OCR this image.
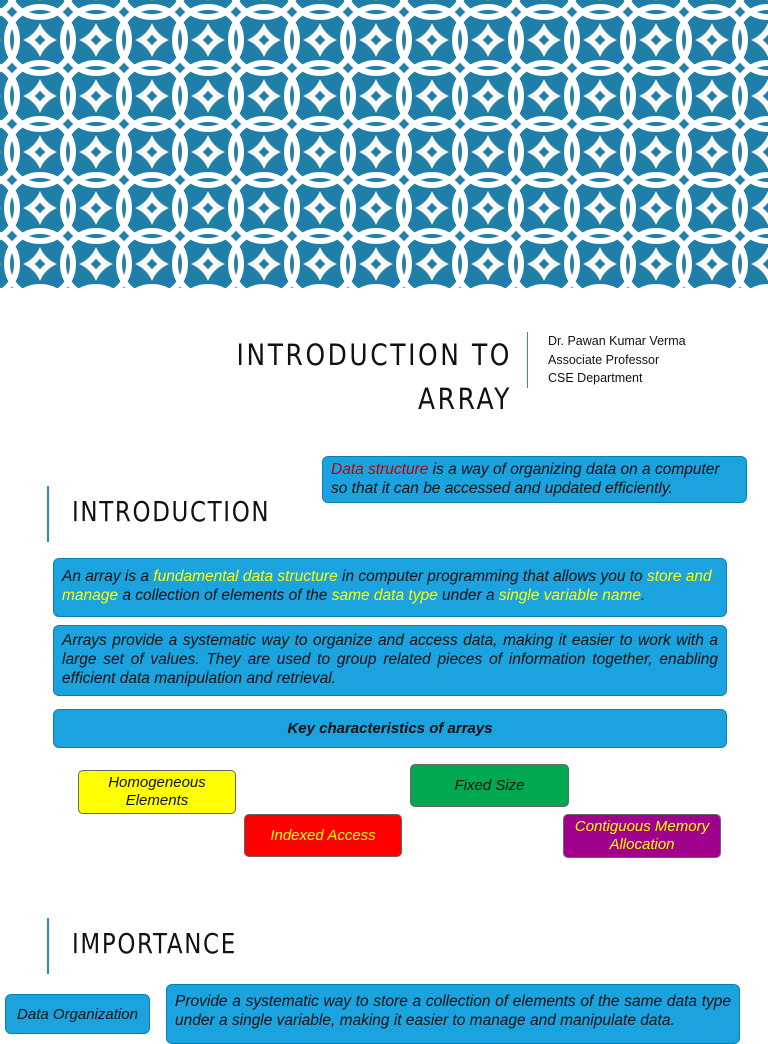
INTRODUCTION TO ARRAY
Dr. Pawan Kumar Verma
Associate Professor
CSE Department
INTRODUCTION
Data structure is a way of organizing data on a computer so that it can be accessed and updated efficiently.
An array is a fundamental data structure in computer programming that allows you to store and manage a collection of elements of the same data type under a single variable name.
Arrays provide a systematic way to organize and access data, making it easier to work with a large set of values. They are used to group related pieces of information together, enabling efficient data manipulation and retrieval.
Key characteristics of arrays
Homogeneous
Elements
Fixed Size
Indexed Access	Contiguous Memory
Allocation
IMPORTANCE
Data Organization
Provide a systematic way to store a collection of elements of the same data type under a single variable, making it easier to manage and manipulate data.
